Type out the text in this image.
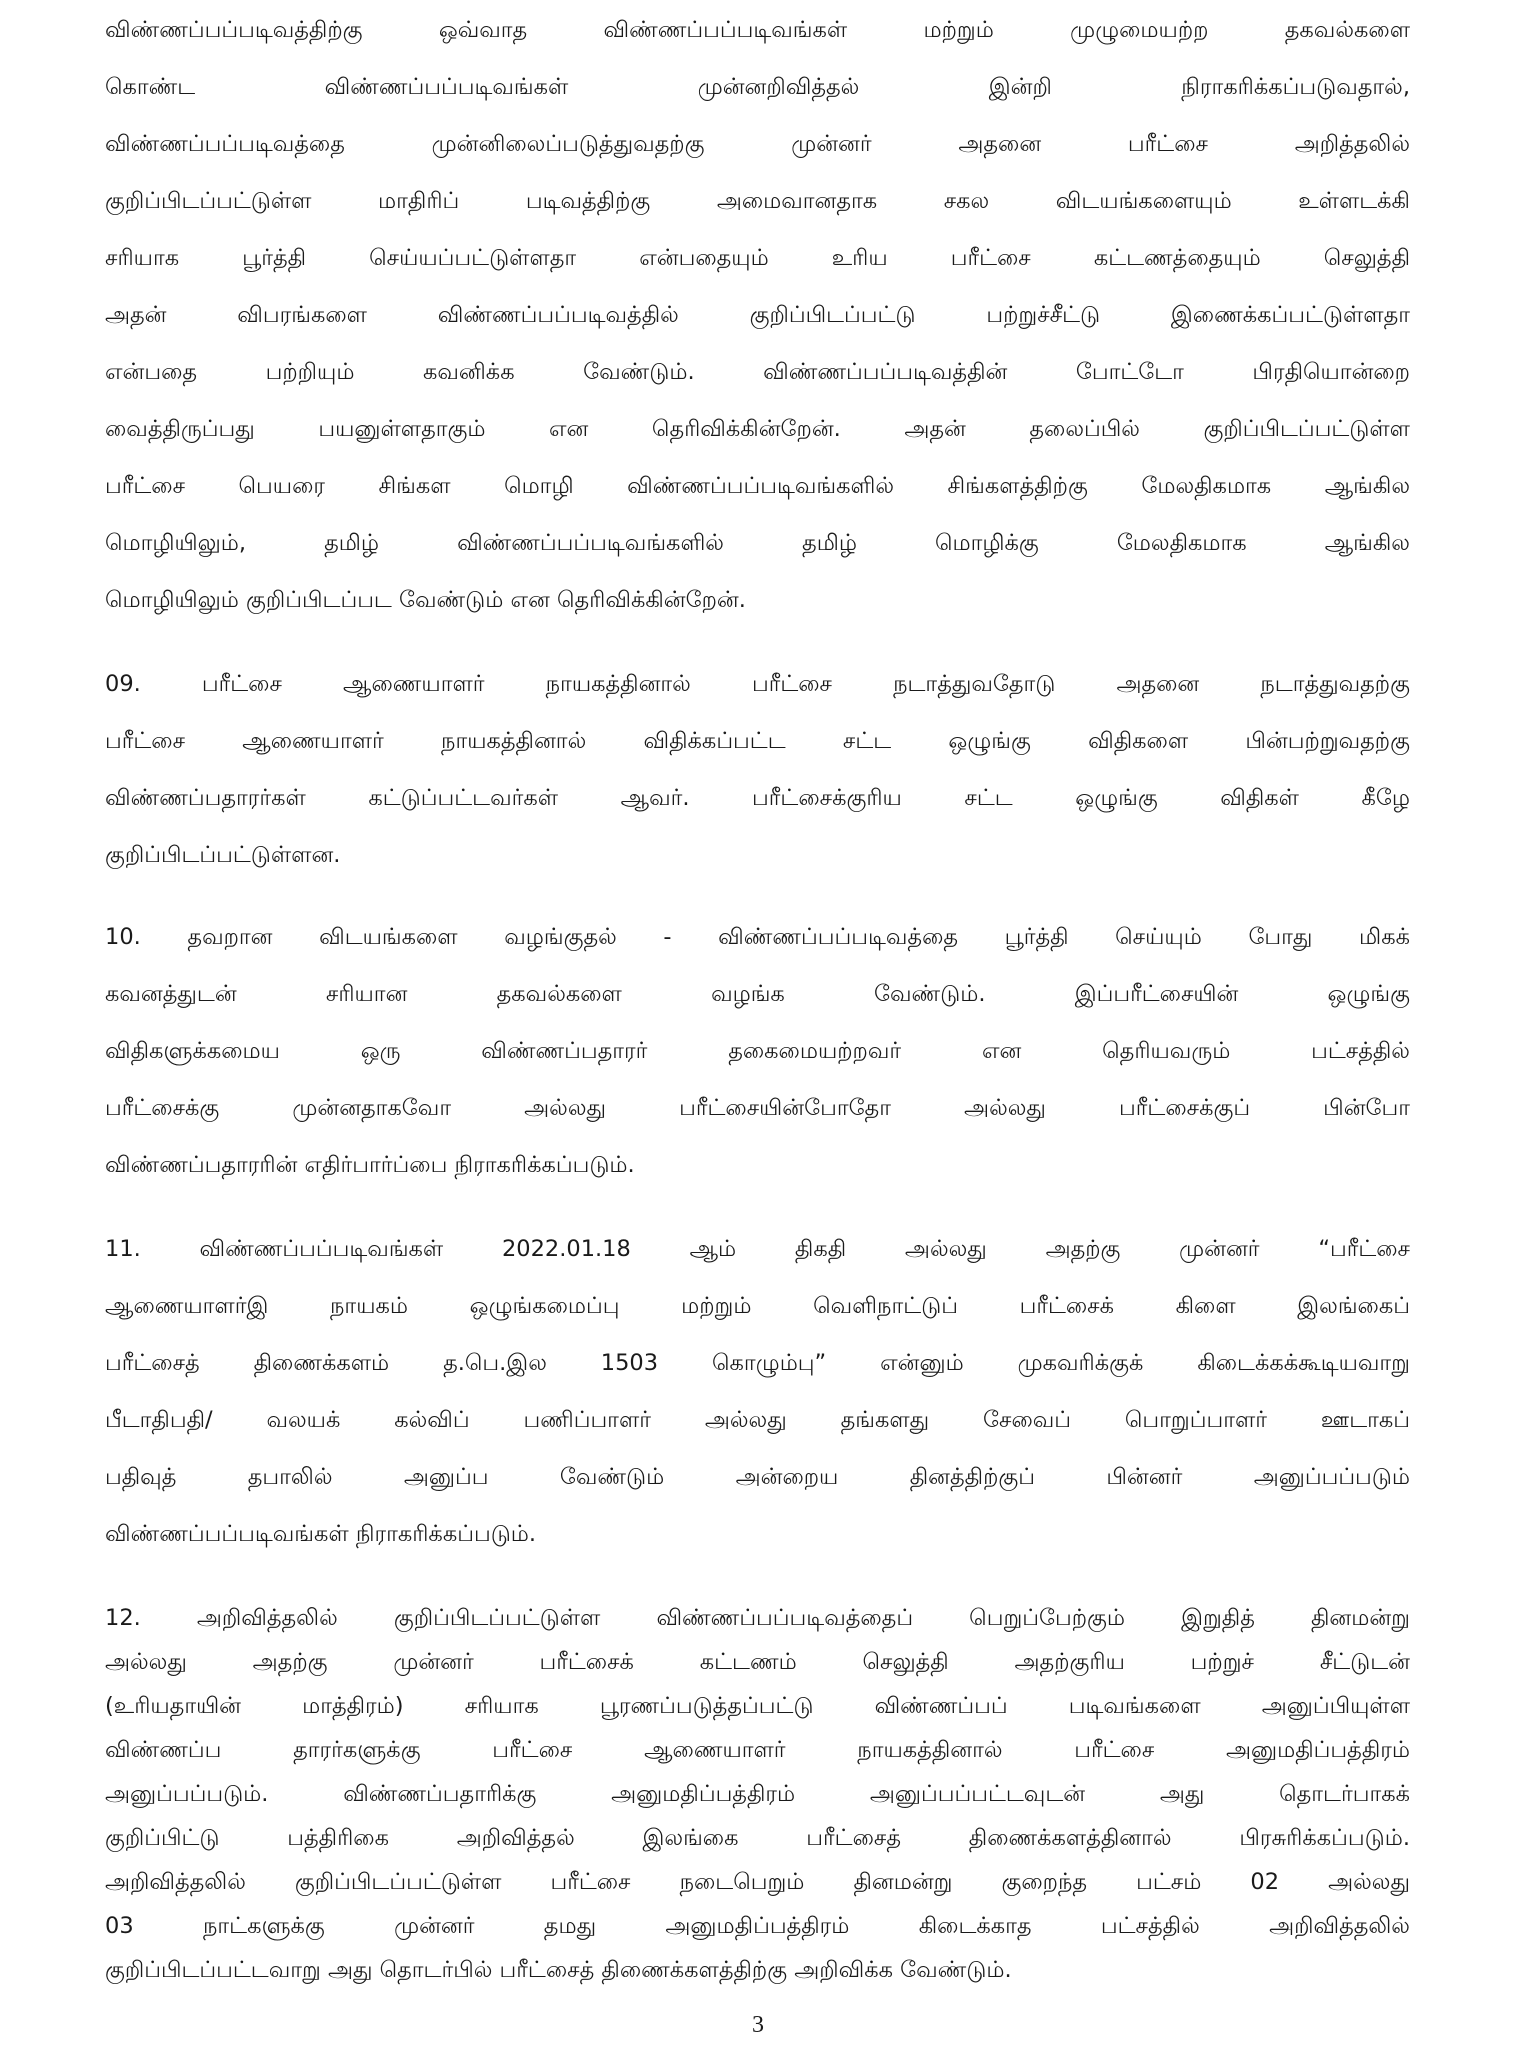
விண்ணப்பப்படிவத்திற்கு ஒவ்வாத விண்ணப்பப்படிவங்கள் மற்றும் முழுமையற்ற தகவல்களை
கொண்ட விண்ணப்பப்படிவங்கள் முன்னறிவித்தல் இன்றி நிராகரிக்கப்படுவதால்,
விண்ணப்பப்படிவத்தை முன்னிலைப்படுத்துவதற்கு முன்னர் அதனை பரீட்சை அறித்தலில்
குறிப்பிடப்பட்டுள்ள மாதிரிப் படிவத்திற்கு அமைவானதாக சகல விடயங்களையும் உள்ளடக்கி
சரியாக பூர்த்தி செய்யப்பட்டுள்ளதா என்பதையும் உரிய பரீட்சை கட்டணத்தையும் செலுத்தி
அதன் விபரங்களை விண்ணப்பப்படிவத்தில் குறிப்பிடப்பட்டு பற்றுச்சீட்டு இணைக்கப்பட்டுள்ளதா
என்பதை பற்றியும் கவனிக்க வேண்டும். விண்ணப்பப்படிவத்தின் போட்டோ பிரதியொன்றை
வைத்திருப்பது பயனுள்ளதாகும் என தெரிவிக்கின்றேன். அதன் தலைப்பில் குறிப்பிடப்பட்டுள்ள
பரீட்சை பெயரை சிங்கள மொழி விண்ணப்பப்படிவங்களில் சிங்களத்திற்கு மேலதிகமாக ஆங்கில
மொழியிலும், தமிழ் விண்ணப்பப்படிவங்களில் தமிழ் மொழிக்கு மேலதிகமாக ஆங்கில
மொழியிலும் குறிப்பிடப்பட வேண்டும் என தெரிவிக்கின்றேன்.
09. பரீட்சை ஆணையாளர் நாயகத்தினால் பரீட்சை நடாத்துவதோடு அதனை நடாத்துவதற்கு
பரீட்சை ஆணையாளர் நாயகத்தினால் விதிக்கப்பட்ட சட்ட ஒழுங்கு விதிகளை பின்பற்றுவதற்கு
விண்ணப்பதாரர்கள் கட்டுப்பட்டவர்கள் ஆவர். பரீட்சைக்குரிய சட்ட ஒழுங்கு விதிகள் கீழே
குறிப்பிடப்பட்டுள்ளன.
10. தவறான விடயங்களை வழங்குதல் - விண்ணப்பப்படிவத்தை பூர்த்தி செய்யும் போது மிகக்
கவனத்துடன் சரியான தகவல்களை வழங்க வேண்டும். இப்பரீட்சையின் ஒழுங்கு
விதிகளுக்கமைய ஒரு விண்ணப்பதாரர் தகைமையற்றவர் என தெரியவரும் பட்சத்தில்
பரீட்சைக்கு முன்னதாகவோ அல்லது பரீட்சையின்போதோ அல்லது பரீட்சைக்குப் பின்போ
விண்ணப்பதாரரின் எதிர்பார்ப்பை நிராகரிக்கப்படும்.
11. விண்ணப்பப்படிவங்கள் 2022.01.18 ஆம் திகதி அல்லது அதற்கு முன்னர் “பரீட்சை
ஆணையாளர்இ நாயகம் ஒழுங்கமைப்பு மற்றும் வெளிநாட்டுப் பரீட்சைக் கிளை இலங்கைப்
பரீட்சைத் திணைக்களம் த.பெ.இல 1503 கொழும்பு” என்னும் முகவரிக்குக் கிடைக்கக்கூடியவாறு
பீடாதிபதி/ வலயக் கல்விப் பணிப்பாளர் அல்லது தங்களது சேவைப் பொறுப்பாளர் ஊடாகப்
பதிவுத் தபாலில் அனுப்ப வேண்டும் அன்றைய தினத்திற்குப் பின்னர் அனுப்பப்படும்
விண்ணப்பப்படிவங்கள் நிராகரிக்கப்படும்.
12. அறிவித்தலில் குறிப்பிடப்பட்டுள்ள விண்ணப்பப்படிவத்தைப் பெறுப்பேற்கும் இறுதித் தினமன்று
அல்லது அதற்கு முன்னர் பரீட்சைக் கட்டணம் செலுத்தி அதற்குரிய பற்றுச் சீட்டுடன்
(உரியதாயின் மாத்திரம்) சரியாக பூரணப்படுத்தப்பட்டு விண்ணப்பப் படிவங்களை அனுப்பியுள்ள
விண்ணப்ப தாரர்களுக்கு பரீட்சை ஆணையாளர் நாயகத்தினால் பரீட்சை அனுமதிப்பத்திரம்
அனுப்பப்படும். விண்ணப்பதாரிக்கு அனுமதிப்பத்திரம் அனுப்பப்பட்டவுடன் அது தொடர்பாகக்
குறிப்பிட்டு பத்திரிகை அறிவித்தல் இலங்கை பரீட்சைத் திணைக்களத்தினால் பிரசுரிக்கப்படும்.
அறிவித்தலில் குறிப்பிடப்பட்டுள்ள பரீட்சை நடைபெறும் தினமன்று குறைந்த பட்சம் 02 அல்லது
03 நாட்களுக்கு முன்னர் தமது அனுமதிப்பத்திரம் கிடைக்காத பட்சத்தில் அறிவித்தலில்
குறிப்பிடப்பட்டவாறு அது தொடர்பில் பரீட்சைத் திணைக்களத்திற்கு அறிவிக்க வேண்டும்.
3
